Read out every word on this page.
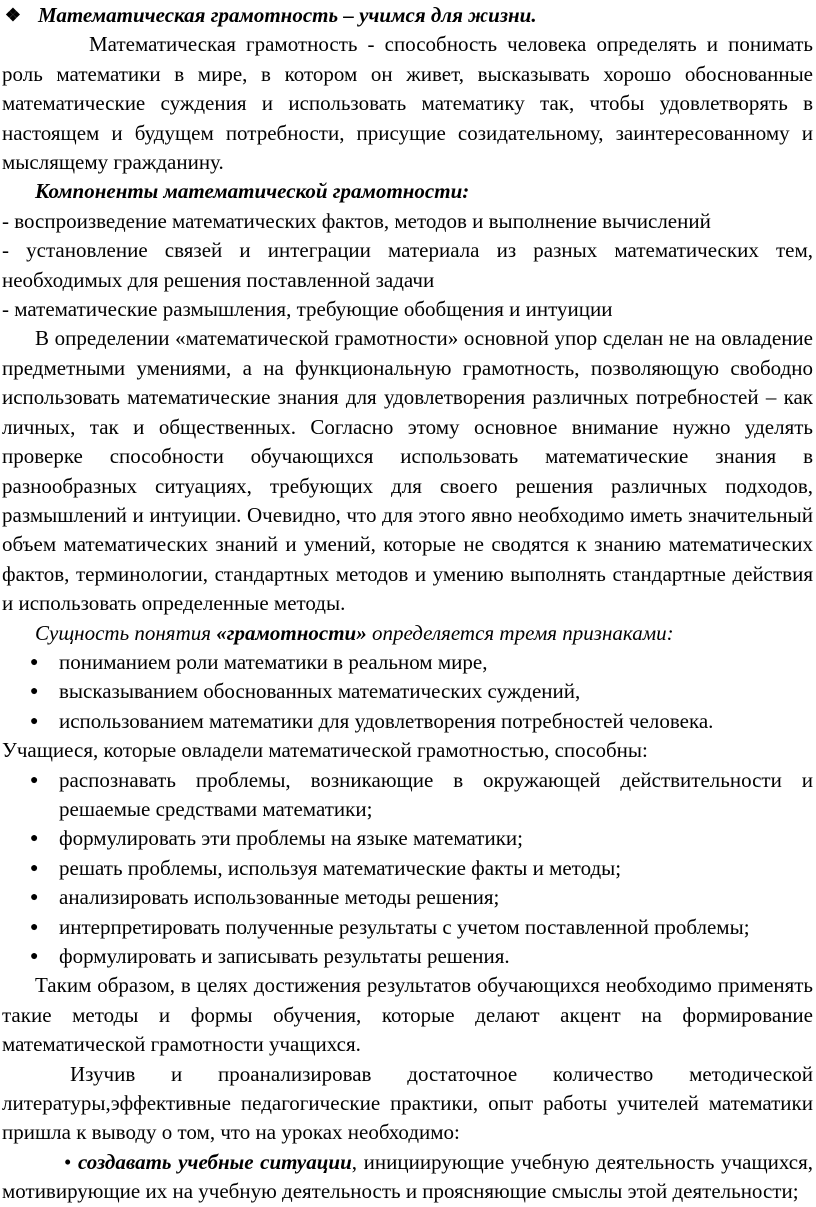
❖ Математическая грамотность – учимся для жизни.

Математическая грамотность - способность человека определять и понимать роль математики в мире, в котором он живет, высказывать хорошо обоснованные математические суждения и использовать математику так, чтобы удовлетворять в настоящем и будущем потребности, присущие созидательному, заинтересованному и мыслящему гражданину.

Компоненты математической грамотности:

- воспроизведение математических фактов, методов и выполнение вычислений

- установление связей и интеграции материала из разных математических тем, необходимых для решения поставленной задачи

- математические размышления, требующие обобщения и интуиции

В определении «математической грамотности» основной упор сделан не на овладение предметными умениями, а на функциональную грамотность, позволяющую свободно использовать математические знания для удовлетворения различных потребностей – как личных, так и общественных. Согласно этому основное внимание нужно уделять проверке способности обучающихся использовать математические знания в разнообразных ситуациях, требующих для своего решения различных подходов, размышлений и интуиции. Очевидно, что для этого явно необходимо иметь значительный объем математических знаний и умений, которые не сводятся к знанию математических фактов, терминологии, стандартных методов и умению выполнять стандартные действия и использовать определенные методы.

Сущность понятия «грамотности» определяется тремя признаками:

● пониманием роли математики в реальном мире,
● высказыванием обоснованных математических суждений,
● использованием математики для удовлетворения потребностей человека.

Учащиеся, которые овладели математической грамотностью, способны:

● распознавать проблемы, возникающие в окружающей действительности и решаемые средствами математики;
● формулировать эти проблемы на языке математики;
● решать проблемы, используя математические факты и методы;
● анализировать использованные методы решения;
● интерпретировать полученные результаты с учетом поставленной проблемы;
● формулировать и записывать результаты решения.

Таким образом, в целях достижения результатов обучающихся необходимо применять такие методы и формы обучения, которые делают акцент на формирование математической грамотности учащихся.

Изучив и проанализировав достаточное количество методической литературы,эффективные педагогические практики, опыт работы учителей математики пришла к выводу о том, что на уроках необходимо:

• создавать учебные ситуации, инициирующие учебную деятельность учащихся, мотивирующие их на учебную деятельность и проясняющие смыслы этой деятельности;
